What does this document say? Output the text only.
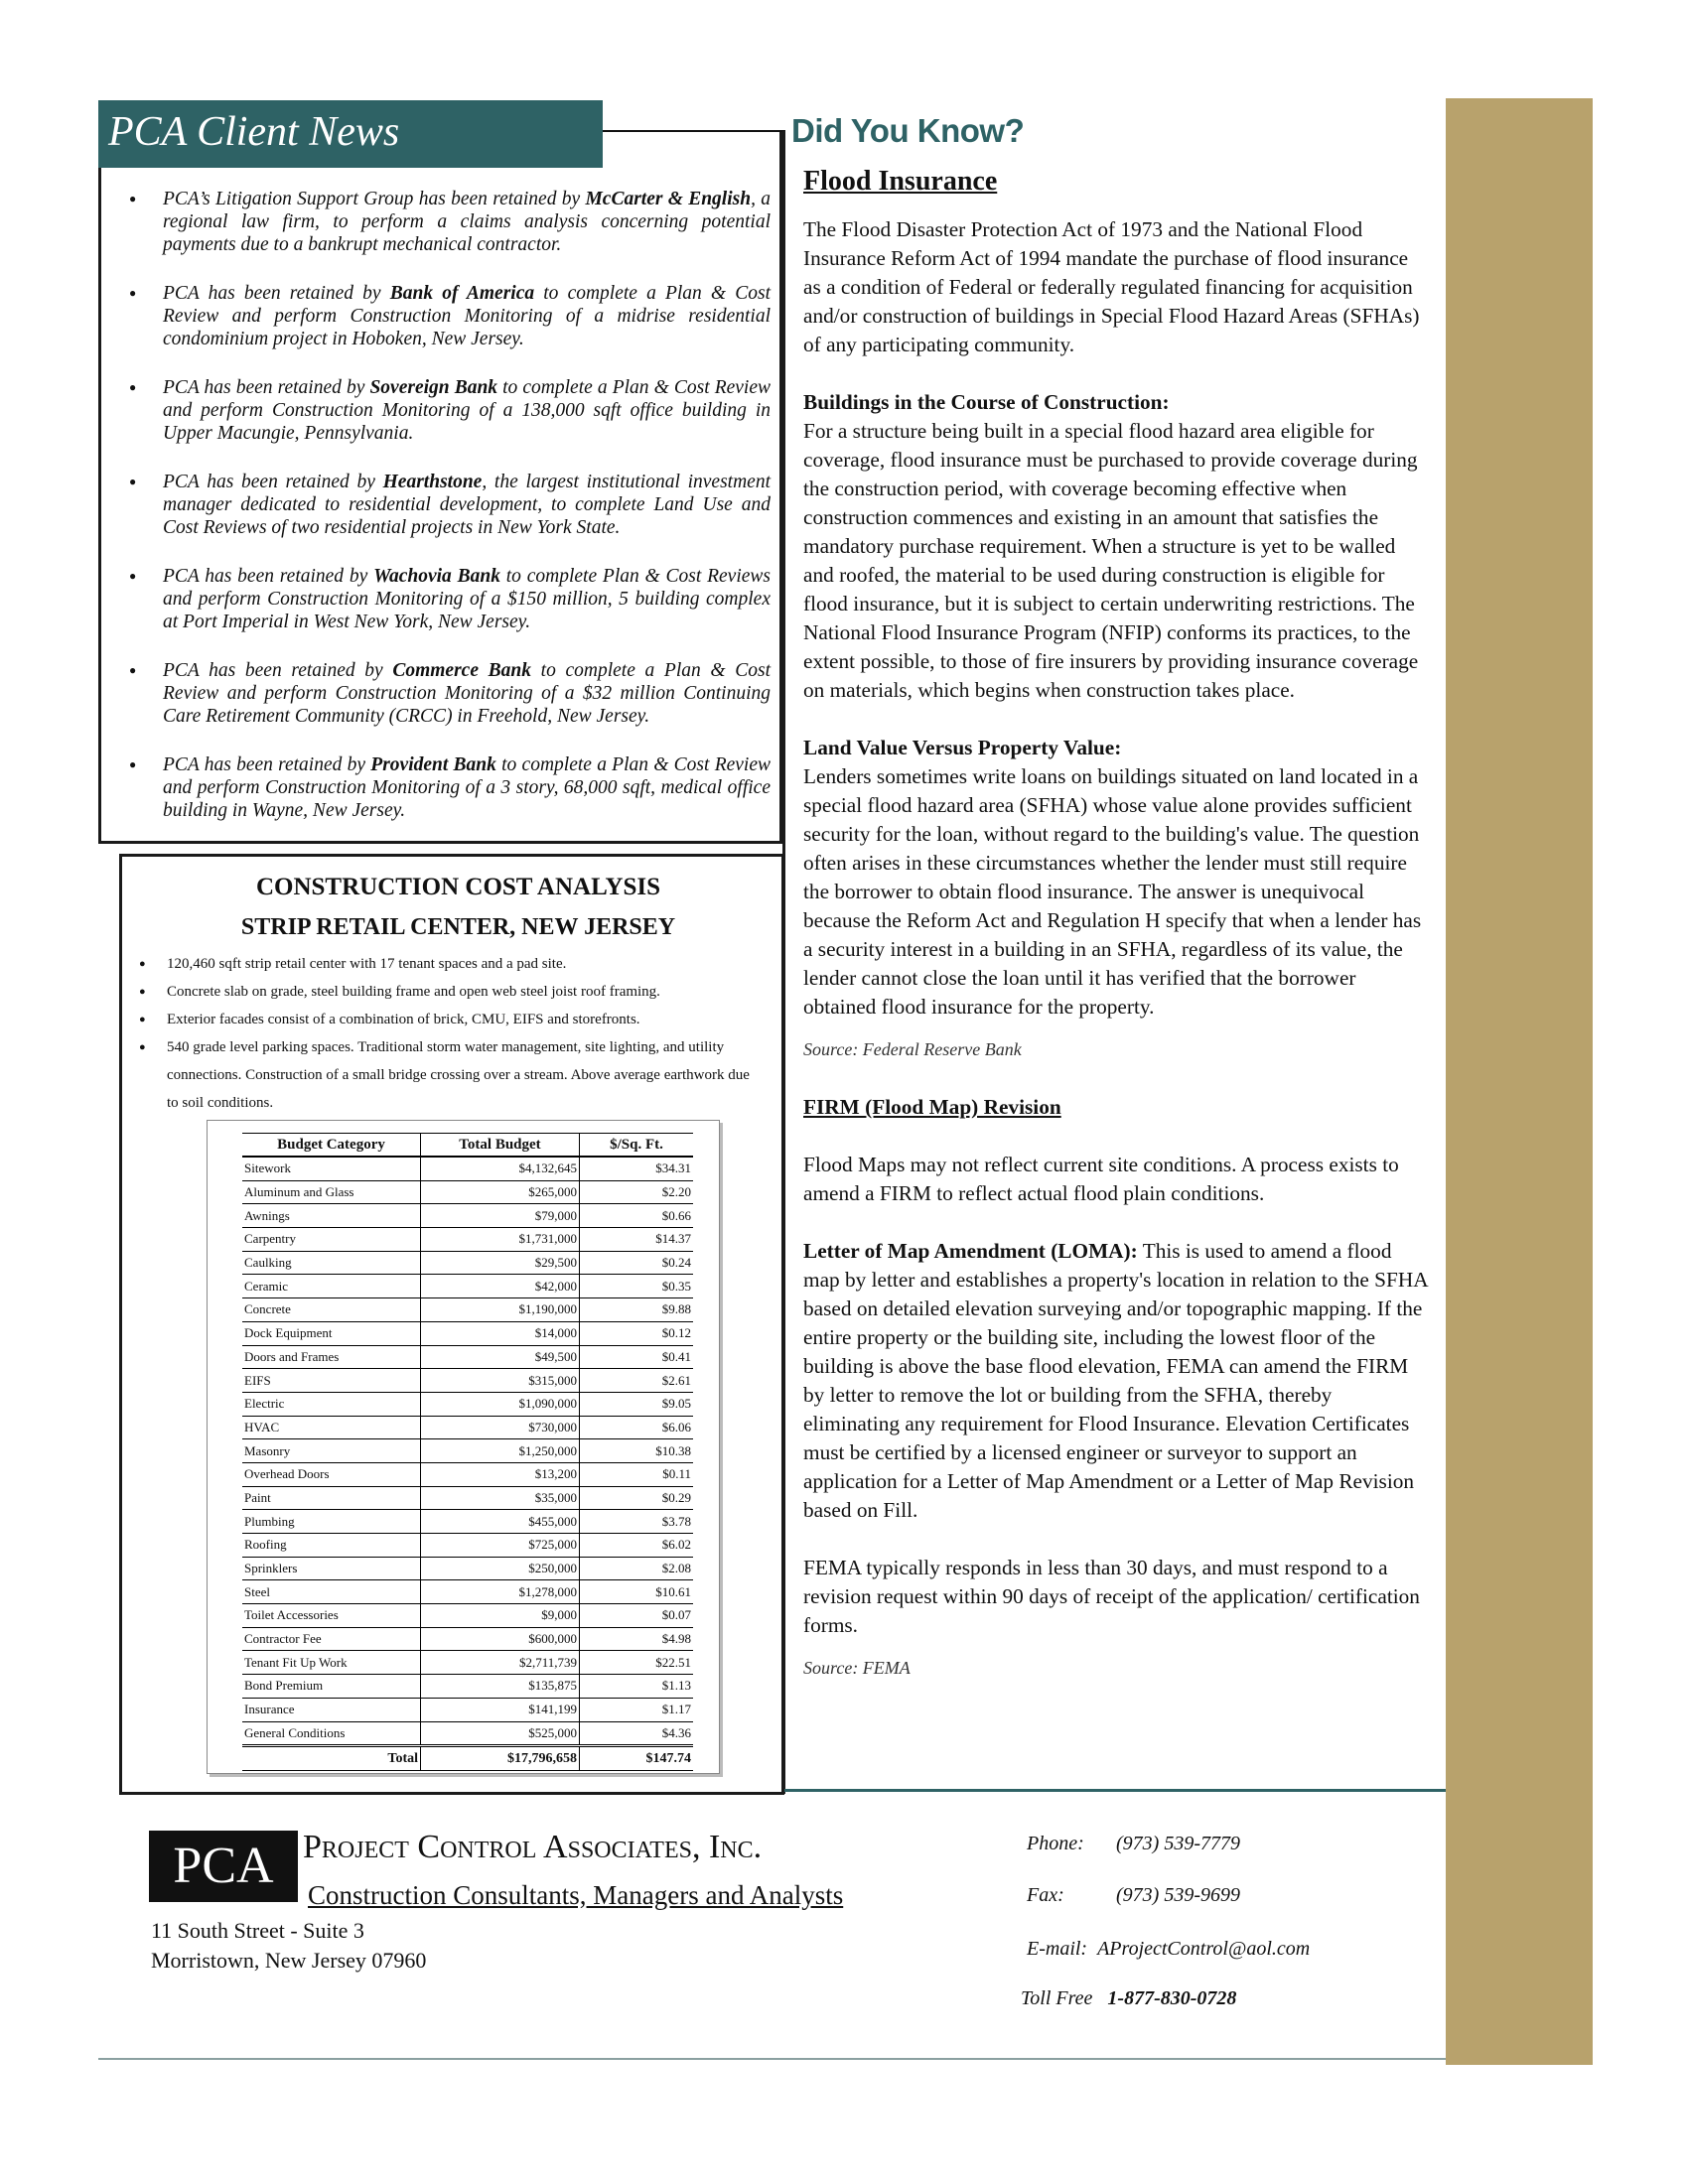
PCA Client News
● PCA’s Litigation Support Group has been retained by McCarter & English, a regional law firm, to perform a claims analysis concerning potential payments due to a bankrupt mechanical contractor.
● PCA has been retained by Bank of America to complete a Plan & Cost Review and perform Construction Monitoring of a midrise residential condominium project in Hoboken, New Jersey.
● PCA has been retained by Sovereign Bank to complete a Plan & Cost Review and perform Construction Monitoring of a 138,000 sqft office building in Upper Macungie, Pennsylvania.
● PCA has been retained by Hearthstone, the largest institutional investment manager dedicated to residential development, to complete Land Use and Cost Reviews of two residential projects in New York State.
● PCA has been retained by Wachovia Bank to complete Plan & Cost Reviews and perform Construction Monitoring of a $150 million, 5 building complex at Port Imperial in West New York, New Jersey.
● PCA has been retained by Commerce Bank to complete a Plan & Cost Review and perform Construction Monitoring of a $32 million Continuing Care Retirement Community (CRCC) in Freehold, New Jersey.
● PCA has been retained by Provident Bank to complete a Plan & Cost Review and perform Construction Monitoring of a 3 story, 68,000 sqft, medical office building in Wayne, New Jersey.
CONSTRUCTION COST ANALYSIS
STRIP RETAIL CENTER, NEW JERSEY
● 120,460 sqft strip retail center with 17 tenant spaces and a pad site.
● Concrete slab on grade, steel building frame and open web steel joist roof framing.
● Exterior facades consist of a combination of brick, CMU, EIFS and storefronts.
● 540 grade level parking spaces. Traditional storm water management, site lighting, and utility connections. Construction of a small bridge crossing over a stream. Above average earthwork due to soil conditions.
Budget Category	Total Budget	$/Sq. Ft.
Sitework	$4,132,645	$34.31
Aluminum and Glass	$265,000	$2.20
Awnings	$79,000	$0.66
Carpentry	$1,731,000	$14.37
Caulking	$29,500	$0.24
Ceramic	$42,000	$0.35
Concrete	$1,190,000	$9.88
Dock Equipment	$14,000	$0.12
Doors and Frames	$49,500	$0.41
EIFS	$315,000	$2.61
Electric	$1,090,000	$9.05
HVAC	$730,000	$6.06
Masonry	$1,250,000	$10.38
Overhead Doors	$13,200	$0.11
Paint	$35,000	$0.29
Plumbing	$455,000	$3.78
Roofing	$725,000	$6.02
Sprinklers	$250,000	$2.08
Steel	$1,278,000	$10.61
Toilet Accessories	$9,000	$0.07
Contractor Fee	$600,000	$4.98
Tenant Fit Up Work	$2,711,739	$22.51
Bond Premium	$135,875	$1.13
Insurance	$141,199	$1.17
General Conditions	$525,000	$4.36
Total	$17,796,658	$147.74
Did You Know?

Flood Insurance

The Flood Disaster Protection Act of 1973 and the National Flood Insurance Reform Act of 1994 mandate the purchase of flood insurance as a condition of Federal or federally regulated financing for acquisition and/or construction of buildings in Special Flood Hazard Areas (SFHAs) of any participating community.

Buildings in the Course of Construction:

For a structure being built in a special flood hazard area eligible for coverage, flood insurance must be purchased to provide coverage during the construction period, with coverage becoming effective when construction commences and existing in an amount that satisfies the mandatory purchase requirement. When a structure is yet to be walled and roofed, the material to be used during construction is eligible for flood insurance, but it is subject to certain underwriting restrictions. The National Flood Insurance Program (NFIP) conforms its practices, to the extent possible, to those of fire insurers by providing insurance coverage on materials, which begins when construction takes place.

Land Value Versus Property Value:

Lenders sometimes write loans on buildings situated on land located in a special flood hazard area (SFHA) whose value alone provides sufficient security for the loan, without regard to the building's value. The question often arises in these circumstances whether the lender must still require the borrower to obtain flood insurance. The answer is unequivocal because the Reform Act and Regulation H specify that when a lender has a security interest in a building in an SFHA, regardless of its value, the lender cannot close the loan until it has verified that the borrower obtained flood insurance for the property.

Source: Federal Reserve Bank

FIRM (Flood Map) Revision

Flood Maps may not reflect current site conditions. A process exists to amend a FIRM to reflect actual flood plain conditions.

Letter of Map Amendment (LOMA): This is used to amend a flood map by letter and establishes a property's location in relation to the SFHA based on detailed elevation surveying and/or topographic mapping. If the entire property or the building site, including the lowest floor of the building is above the base flood elevation, FEMA can amend the FIRM by letter to remove the lot or building from the SFHA, thereby eliminating any requirement for Flood Insurance. Elevation Certificates must be certified by a licensed engineer or surveyor to support an application for a Letter of Map Amendment or a Letter of Map Revision based on Fill.

FEMA typically responds in less than 30 days, and must respond to a revision request within 90 days of receipt of the application/ certification forms.

Source: FEMA

PCA Project Control Associates, Inc.
Construction Consultants, Managers and Analysts
11 South Street - Suite 3
Morristown, New Jersey 07960
Phone: (973) 539-7779
Fax:	(973) 539-9699
E-mail: AProjectControl@aol.com
Toll Free 1-877-830-0728
